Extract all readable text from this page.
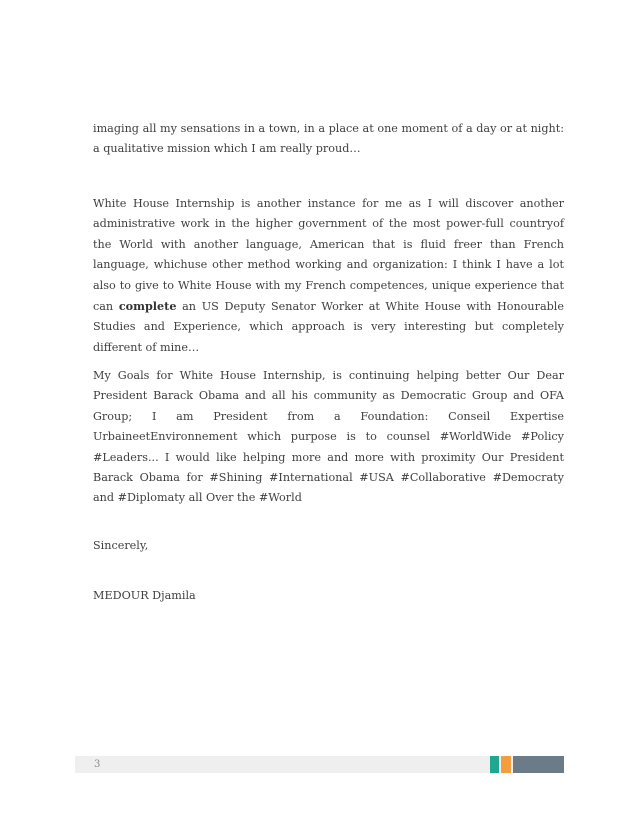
imaging all my sensations in a town, in a place at one moment of a day or at night: a qualitative mission which I am really proud…

White House Internship is another instance for me as I will discover another administrative work in the higher government of the most power-full countryof the World with another language, American that is fluid freer than French language, whichuse other method working and organization: I think I have a lot also to give to White House with my French competences, unique experience that can complete an US Deputy Senator Worker at White House with Honourable Studies and Experience, which approach is very interesting but completely different of mine…

My Goals for White House Internship, is continuing helping better Our Dear President Barack Obama and all his community as Democratic Group and OFA Group; I am President from a Foundation: Conseil Expertise UrbaineetEnvironnement which purpose is to counsel #WorldWide #Policy #Leaders... I would like helping more and more with proximity Our President Barack Obama for #Shining #International #USA #Collaborative #Democraty and #Diplomaty all Over the #World

Sincerely,

MEDOUR Djamila

3
